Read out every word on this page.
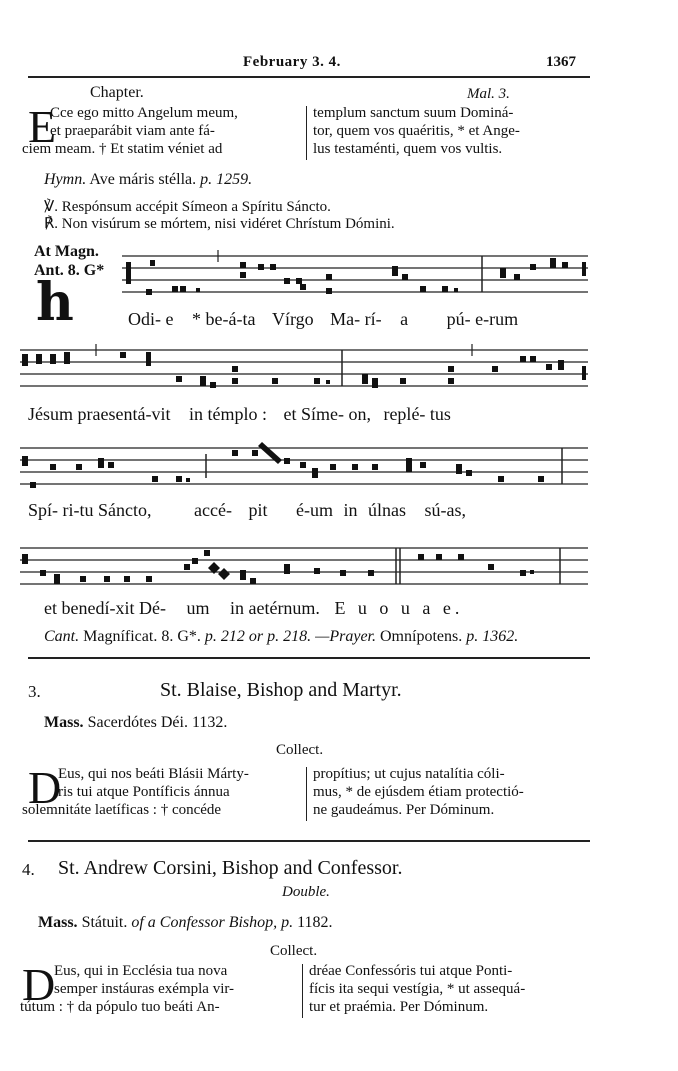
February 3. 4.	1367
Chapter.	Mal. 3.
E
Cce ego mitto Angelum meum,
et praeparábit viam ante fá-
ciem meam. † Et statim véniet ad
templum sanctum suum Dominá-
tor, quem vos quaéritis, * et Ange-
lus testaménti, quem vos vultis.
Hymn. Ave máris stélla. p. 1259.
℣. Respónsum accépit Símeon a Spíritu Sáncto.
℟. Non visúrum se mórtem, nisi vidéret Chrístum Dómini.
At Magn.
Ant. 8. G*
h	Odi- e * be-á-ta Vírgo Ma- rí- a pú- e-rum
Jésum praesentá-vit in témplo : et Síme- on, replé- tus
Spí- ri-tu Sáncto, accé- pit é-um in úlnas sú-as,
et benedí-xit Dé- um in aetérnum. E u o u a e.
Cant. Magníficat. 8. G*. p. 212 or p. 218. —Prayer. Omnípotens. p. 1362.
3.	St. Blaise, Bishop and Martyr.
Mass. Sacerdótes Déi. 1132.
Collect.
D
Eus, qui nos beáti Blásii Márty-
ris tui atque Pontíficis ánnua
solemnitáte laetíficas : † concéde
propítius; ut cujus natalítia cóli-
mus, * de ejúsdem étiam protectió-
ne gaudeámus. Per Dóminum.
4. St. Andrew Corsini, Bishop and Confessor.
Double.
Mass. Státuit. of a Confessor Bishop, p. 1182.
Collect.
D
Eus, qui in Ecclésia tua nova
semper instáuras exémpla vir-
tútum : † da pópulo tuo beáti An-
dréae Confessóris tui atque Ponti-
fícis ita sequi vestígia, * ut assequá-
tur et praémia. Per Dóminum.
